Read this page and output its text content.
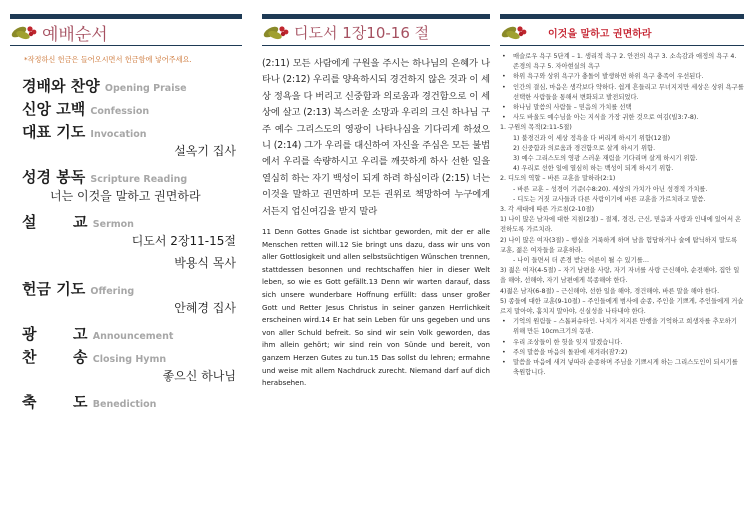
예배순서
*작정하신 헌금은 들어오시면서 헌금함에 넣어주세요.
경배와 찬양 Opening Praise
신앙 고백 Confession
대표 기도 Invocation
설옥기 집사
성경 봉독 Scripture Reading
너는 이것을 말하고 권면하라
설       교 Sermon
디도서 2장11-15절
박용식 목사
헌금 기도 Offering
안혜경 집사
광       고 Announcement
찬       송 Closing Hymn
좋으신 하나님
축       도 Benediction
디도서 1장10-16 절
(2:11) 모든 사람에게 구원을 주시는 하나님의 은혜가 나타나 (2:12) 우리를 양육하시되 경건하지 않은 것과 이 세상 정욕을 다 버리고 신중함과 의로움과 경건함으로 이 세상에 살고 (2:13) 복스러운 소망과 우리의 크신 하나님 구주 예수 그리스도의 영광이 나타나심을 기다리게 하셨으니 (2:14) 그가 우리를 대신하여 자신을 주심은 모든 불법에서 우리를 속량하시고 우리를 깨끗하게 하사 선한 일을 열심히 하는 자기 백성이 되게 하려 하심이라 (2:15) 너는 이것을 말하고 권면하며 모든 권위로 책망하여 누구에게서든지 업신여김을 받지 말라
11 Denn Gottes Gnade ist sichtbar geworden, mit der er alle Menschen retten will.12 Sie bringt uns dazu, dass wir uns von aller Gottlosigkeit und allen selbstsüchtigen Wünschen trennen, stattdessen besonnen und rechtschaffen hier in dieser Welt leben, so wie es Gott gefällt.13 Denn wir warten darauf, dass sich unsere wunderbare Hoffnung erfüllt: dass unser großer Gott und Retter Jesus Christus in seiner ganzen Herrlichkeit erscheinen wird.14 Er hat sein Leben für uns gegeben und uns von aller Schuld befreit. So sind wir sein Volk geworden, das ihm allein gehört; wir sind rein von Sünde und bereit, von ganzem Herzen Gutes zu tun.15 Das sollst du lehren; ermahne und weise mit allem Nachdruck zurecht. Niemand darf auf dich herabsehen.
이것을 말하고 권면하라
• 매슬로우 욕구 5단계 – 1. 생리적 욕구 2. 안전의 욕구 3. 소속감과 애정의 욕구 4. 존경의 욕구 5. 자아현실의 욕구
• 하위 욕구와 상위 욕구가 충돌이 발생하면 하위 욕구 충족이 우선된다.
• 인간의 결심, 마음은 생각보다 약하다. 쉽게 흔들리고 무너지지만 세상은 상위 욕구를 선택한 사람들을 통해서 변화되고 발전되었다.
• 하나님 말씀의 사람들 – 믿음의 가치를 선택
• 사도 바울도 예수님을 아는 지식을 가장 귀한 것으로 여김(빌3:7-8).
1. 구원의 목적(2:11-5절)
1) 불경건과 이 세상 정욕을 다 버리게 하시기 위함(12절)
2) 신중함과 의로움과 경건함으로 살게 하시기 위함.
3) 예수 그리스도의 영광 스러운 재림을 기다리며 살게 하시기 위함.
4) 우리로 선한 일에 열심히 하는 백성이 되게 하시기 위함.
2. 디도의 역할 – 바른 교훈을 말하라(2:1)
- 바른 교훈 – 성경이 기준(수8:20). 세상의 가치가 아닌 성경적 가치를.
- 디도는 거짓 교사들과 다른 사람이기에 바른 교훈을 가르치라고 말씀.
3. 각 세대에 따른 가르침(2-10절)
1) 나이 많은 남자에 대한 지침(2절) – 절제, 경건, 근신, 믿음과 사랑과 인내에 있어서 온전하도록 가르치라.
2) 나이 많은 여자(3절) – 행실을 거룩하게 하며 남을 험담하거나 술에 탐닉하지 말도록 교훈, 젊은 여자들을 교훈하라.
- 나이 들면서 더 존경 받는 어른이 될 수 있기를…
3) 젊은 여자(4-5절) – 자기 남편을 사랑, 자기 자녀를 사랑 근신해야, 순전해야, 집안 일을 해야, 선해야, 자기 남편에게 복종해야 한다.
4)젊은 남자(6-8절) – 근신해야, 선한 일을 해야, 경건해야, 바른 말을 해야 한다.
5) 종들에 대한 교훈(9-10절) – 주인들에게 범사에 순종, 주인을 기쁘게, 주인들에게 거슬르지 말아야, 훔치지 말아야, 신실성을 나타내야 한다.
• 기억의 원림들 – 스톱퍼슈타인. 나치가 저지른 만행을 기억하고 희생자를 추모하기 위해 만든 10cm크기의 동판.
• 우리 조상들이 한 헛을 잊지 말겠습니다.
• 주의 말씀을 마음의 돌판에 새겨라(잠7:2)
• 말씀을 마음에 새겨 넣따라 순종하며 주님을 기쁘시게 하는 그리스도인이 되시기를 축원합니다.
